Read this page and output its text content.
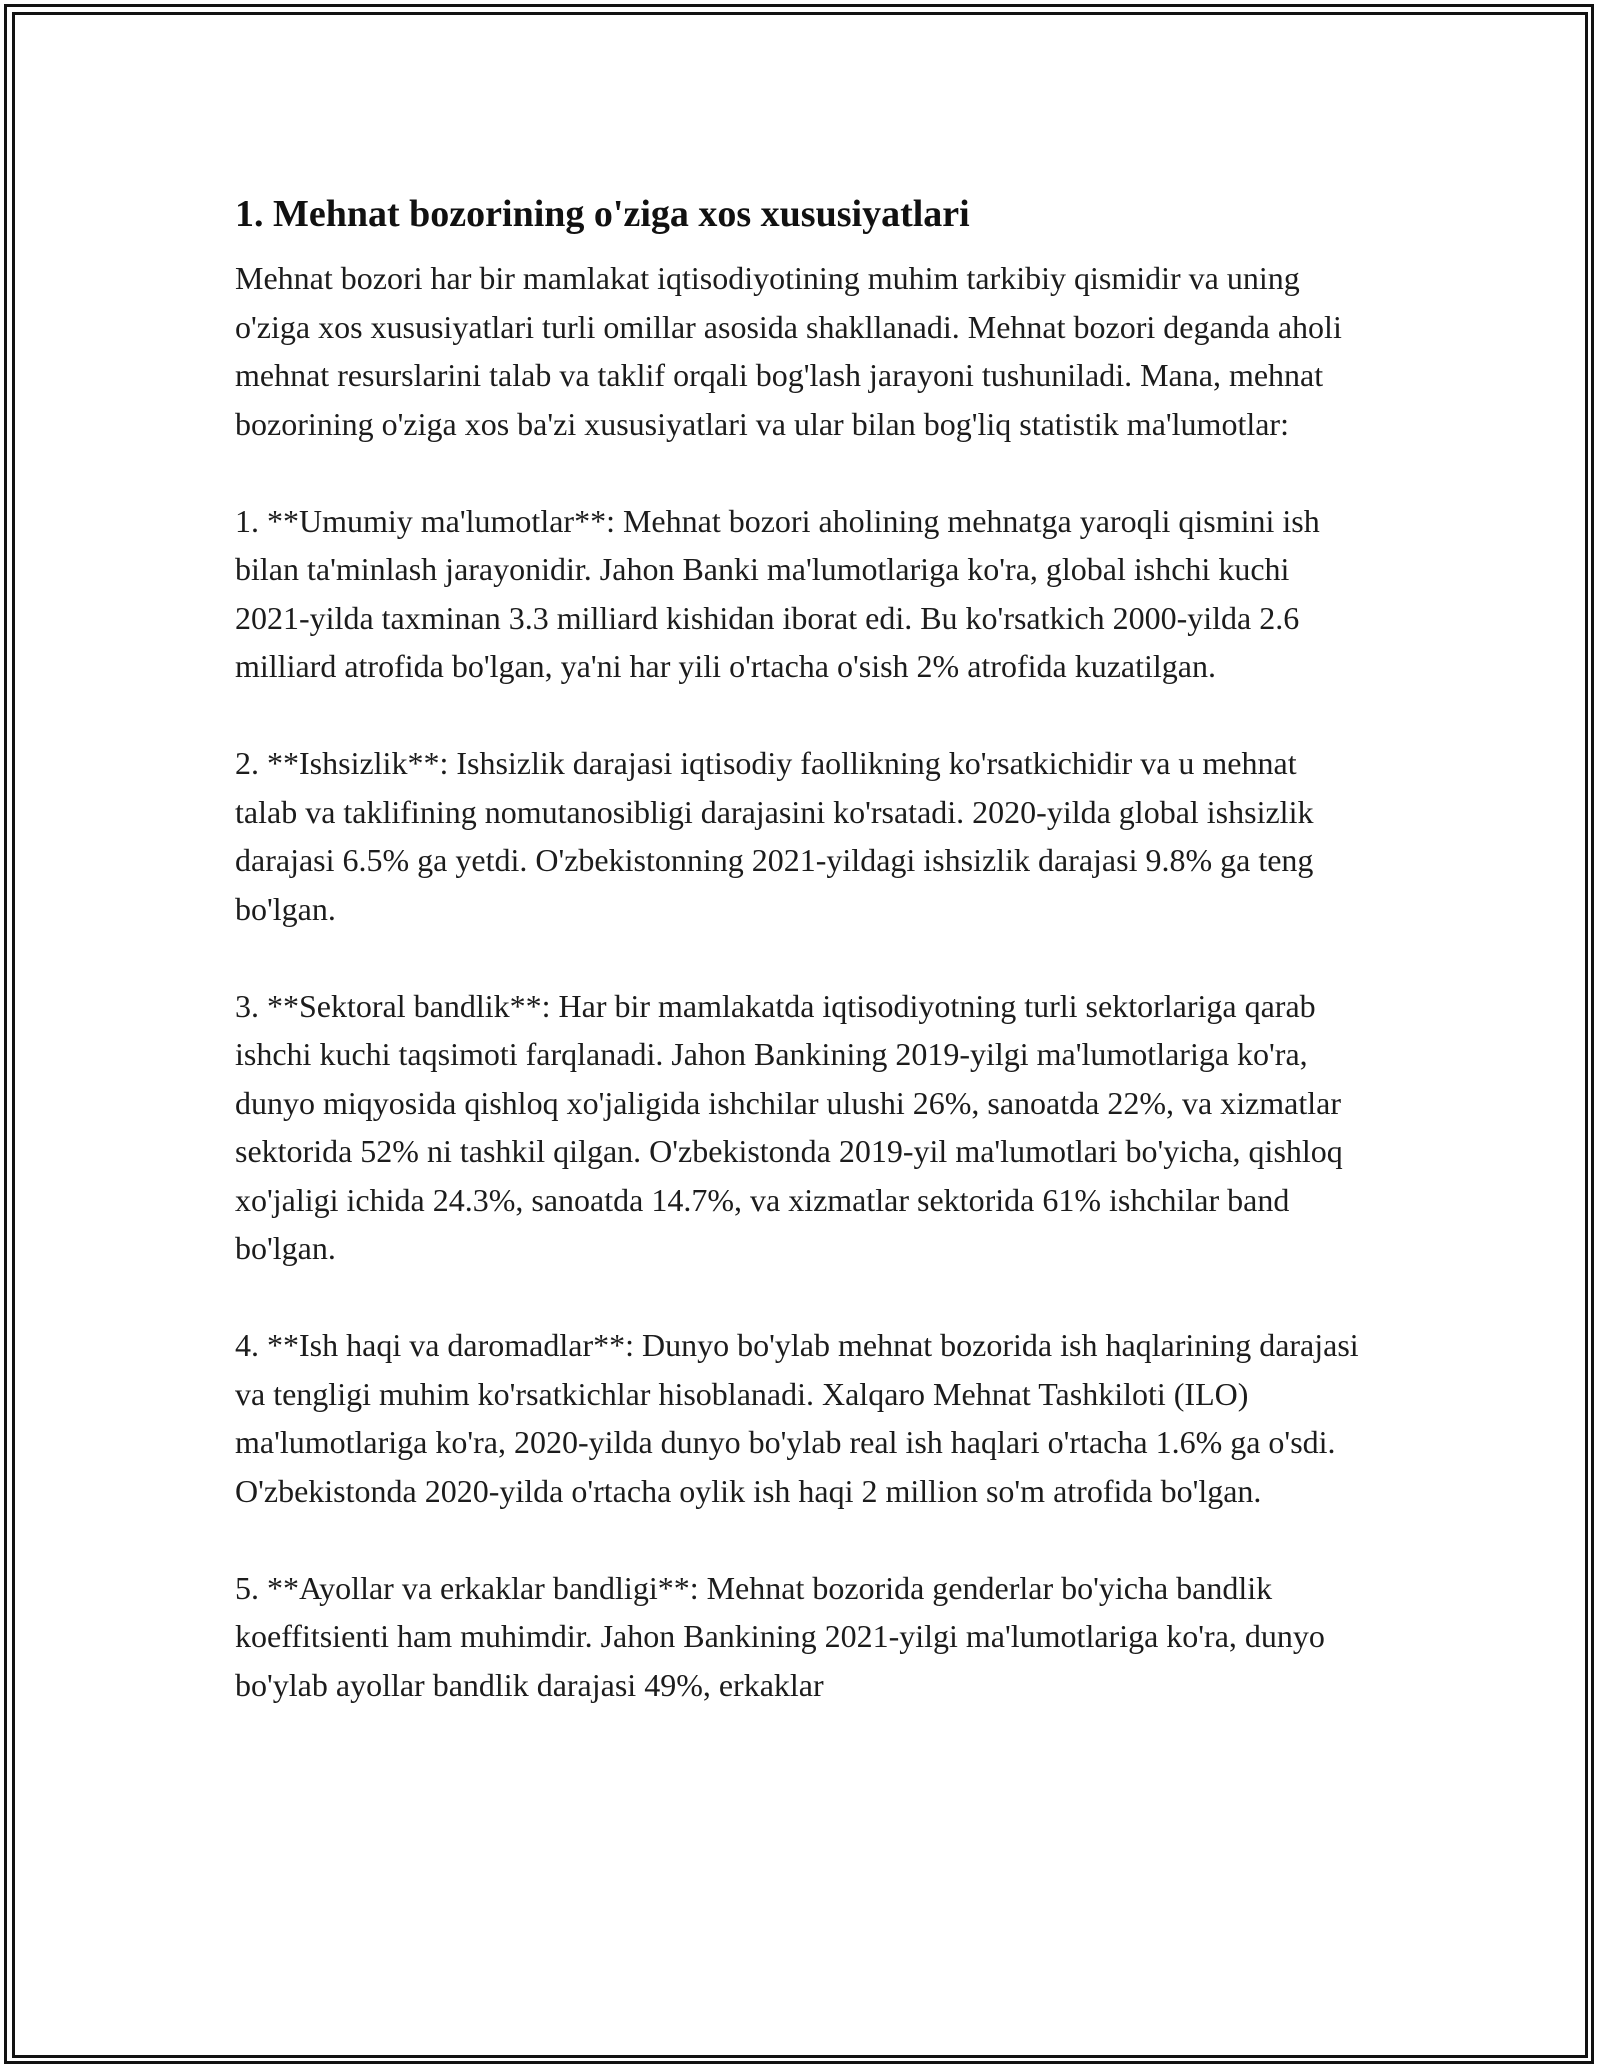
1. Mehnat bozorining o'ziga xos xususiyatlari

Mehnat bozori har bir mamlakat iqtisodiyotining muhim tarkibiy qismidir va uning o'ziga xos xususiyatlari turli omillar asosida shakllanadi. Mehnat bozori deganda aholi mehnat resurslarini talab va taklif orqali bog'lash jarayoni tushuniladi. Mana, mehnat bozorining o'ziga xos ba'zi xususiyatlari va ular bilan bog'liq statistik ma'lumotlar:

1. **Umumiy ma'lumotlar**: Mehnat bozori aholining mehnatga yaroqli qismini ish bilan ta'minlash jarayonidir. Jahon Banki ma'lumotlariga ko'ra, global ishchi kuchi 2021-yilda taxminan 3.3 milliard kishidan iborat edi. Bu ko'rsatkich 2000-yilda 2.6 milliard atrofida bo'lgan, ya'ni har yili o'rtacha o'sish 2% atrofida kuzatilgan.

2. **Ishsizlik**: Ishsizlik darajasi iqtisodiy faollikning ko'rsatkichidir va u mehnat talab va taklifining nomutanosibligi darajasini ko'rsatadi. 2020-yilda global ishsizlik darajasi 6.5% ga yetdi. O'zbekistonning 2021-yildagi ishsizlik darajasi 9.8% ga teng bo'lgan.

3. **Sektoral bandlik**: Har bir mamlakatda iqtisodiyotning turli sektorlariga qarab ishchi kuchi taqsimoti farqlanadi. Jahon Bankining 2019-yilgi ma'lumotlariga ko'ra, dunyo miqyosida qishloq xo'jaligida ishchilar ulushi 26%, sanoatda 22%, va xizmatlar sektorida 52% ni tashkil qilgan. O'zbekistonda 2019-yil ma'lumotlari bo'yicha, qishloq xo'jaligi ichida 24.3%, sanoatda 14.7%, va xizmatlar sektorida 61% ishchilar band bo'lgan.

4. **Ish haqi va daromadlar**: Dunyo bo'ylab mehnat bozorida ish haqlarining darajasi va tengligi muhim ko'rsatkichlar hisoblanadi. Xalqaro Mehnat Tashkiloti (ILO) ma'lumotlariga ko'ra, 2020-yilda dunyo bo'ylab real ish haqlari o'rtacha 1.6% ga o'sdi. O'zbekistonda 2020-yilda o'rtacha oylik ish haqi 2 million so'm atrofida bo'lgan.

5. **Ayollar va erkaklar bandligi**: Mehnat bozorida genderlar bo'yicha bandlik koeffitsienti ham muhimdir. Jahon Bankining 2021-yilgi ma'lumotlariga ko'ra, dunyo bo'ylab ayollar bandlik darajasi 49%, erkaklar
